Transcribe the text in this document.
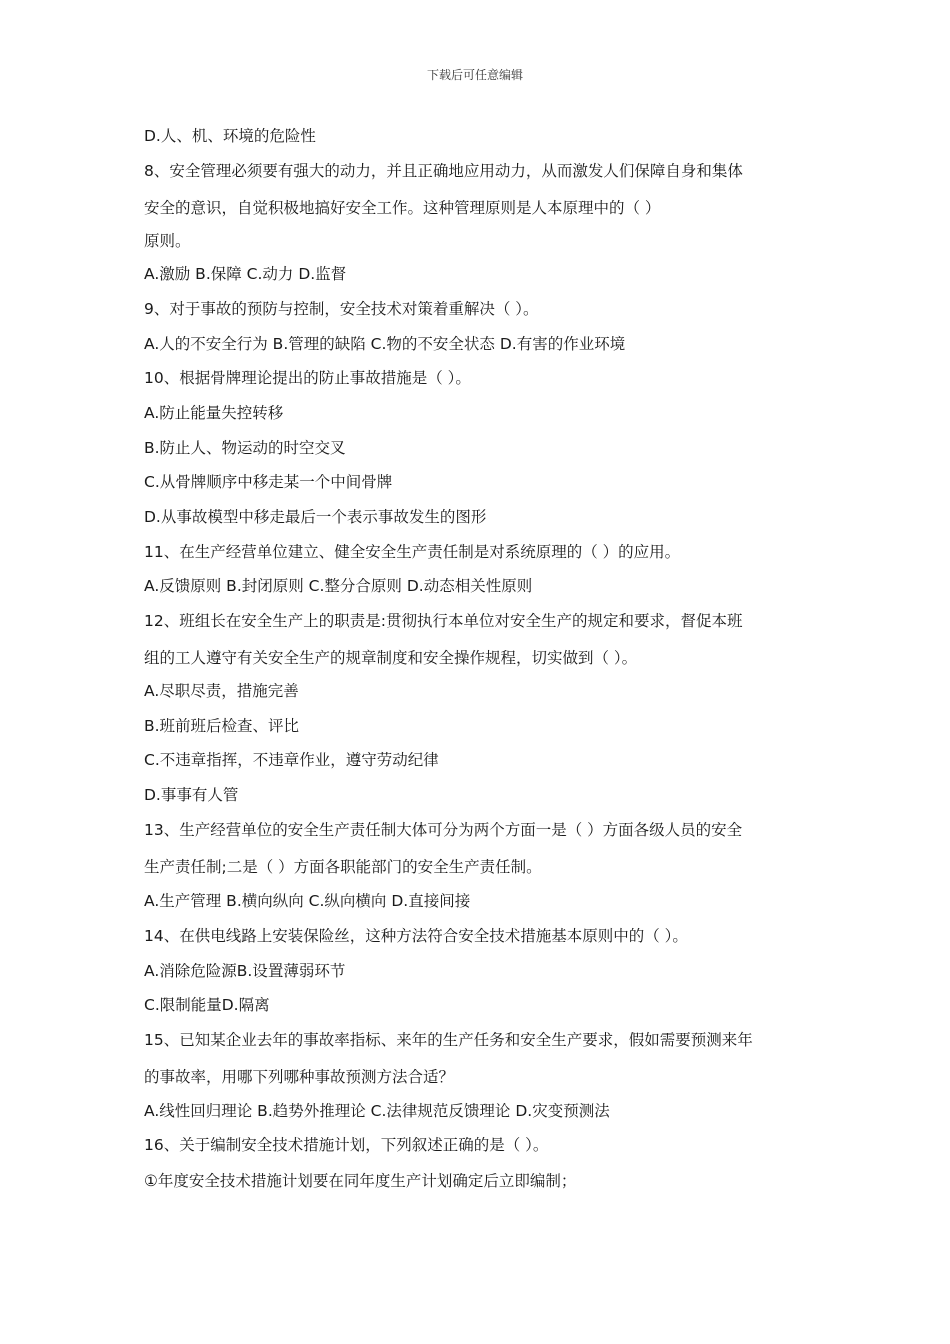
下载后可任意编辑
D.人、机、环境的危险性
8、安全管理必须要有强大的动力，并且正确地应用动力，从而激发人们保障自身和集体
安全的意识，自觉积极地搞好安全工作。这种管理原则是人本原理中的（ ）
原则。
A.激励 B.保障 C.动力 D.监督
9、对于事故的预防与控制，安全技术对策着重解决（ ）。
A.人的不安全行为 B.管理的缺陷 C.物的不安全状态 D.有害的作业环境
10、根据骨牌理论提出的防止事故措施是（ ）。
A.防止能量失控转移
B.防止人、物运动的时空交叉
C.从骨牌顺序中移走某一个中间骨牌
D.从事故模型中移走最后一个表示事故发生的图形
11、在生产经营单位建立、健全安全生产责任制是对系统原理的（ ）的应用。
A.反馈原则 B.封闭原则 C.整分合原则 D.动态相关性原则
12、班组长在安全生产上的职责是:贯彻执行本单位对安全生产的规定和要求，督促本班
组的工人遵守有关安全生产的规章制度和安全操作规程，切实做到（ ）。
A.尽职尽责，措施完善
B.班前班后检查、评比
C.不违章指挥，不违章作业，遵守劳动纪律
D.事事有人管
13、生产经营单位的安全生产责任制大体可分为两个方面一是（ ）方面各级人员的安全
生产责任制;二是（ ）方面各职能部门的安全生产责任制。
A.生产管理 B.横向纵向 C.纵向横向 D.直接间接
14、在供电线路上安装保险丝，这种方法符合安全技术措施基本原则中的（ ）。
A.消除危险源B.设置薄弱环节
C.限制能量D.隔离
15、已知某企业去年的事故率指标、来年的生产任务和安全生产要求，假如需要预测来年
的事故率，用哪下列哪种事故预测方法合适？
A.线性回归理论 B.趋势外推理论 C.法律规范反馈理论 D.灾变预测法
16、关于编制安全技术措施计划，下列叙述正确的是（ ）。
①年度安全技术措施计划要在同年度生产计划确定后立即编制；
